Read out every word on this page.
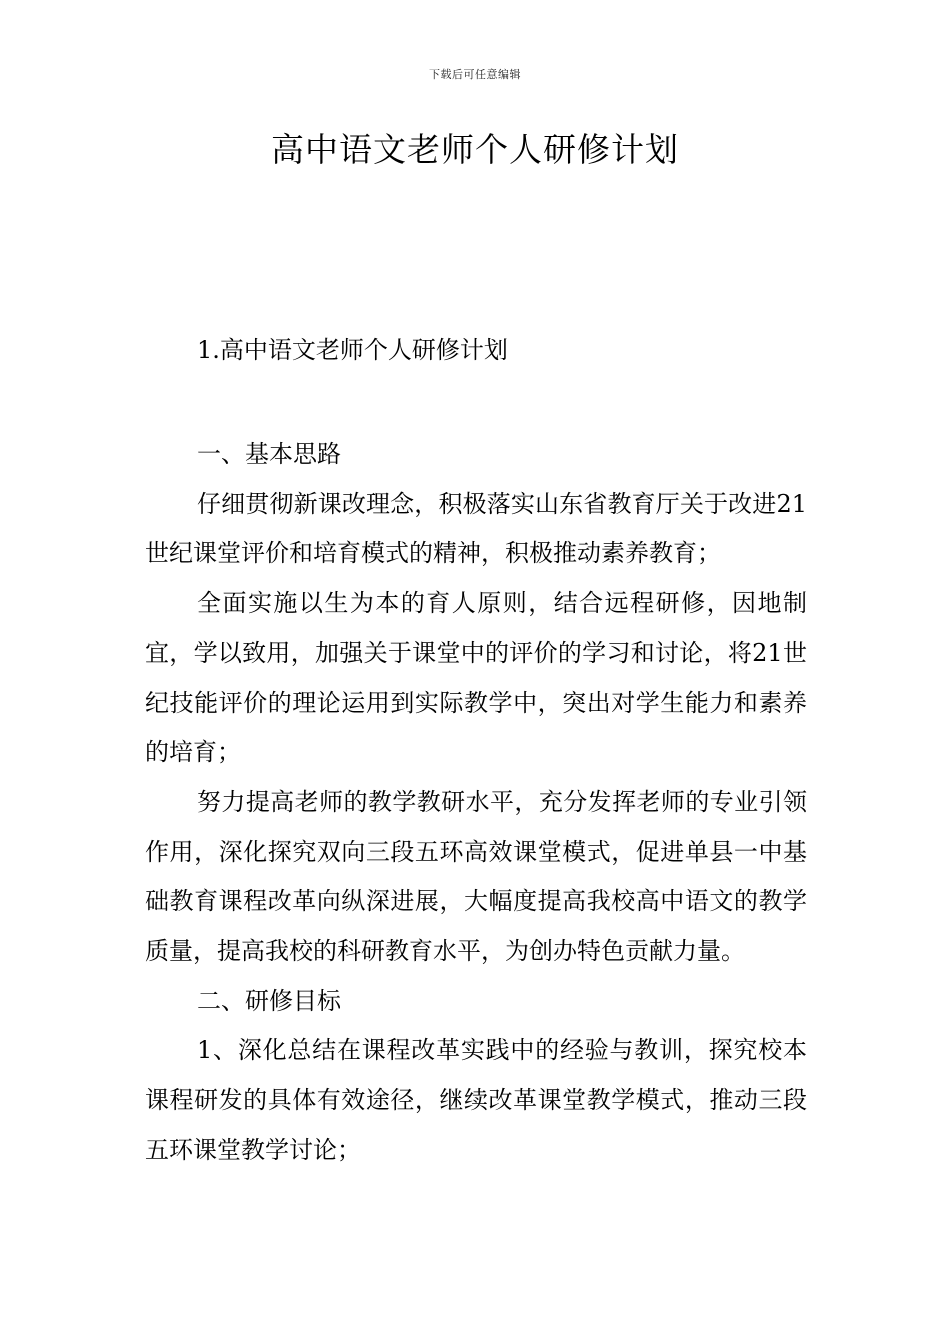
下载后可任意编辑
高中语文老师个人研修计划

1.高中语文老师个人研修计划

一、基本思路

仔细贯彻新课改理念，积极落实山东省教育厅关于改进21世纪课堂评价和培育模式的精神，积极推动素养教育；

全面实施以生为本的育人原则，结合远程研修，因地制宜，学以致用，加强关于课堂中的评价的学习和讨论，将21世纪技能评价的理论运用到实际教学中，突出对学生能力和素养的培育；

努力提高老师的教学教研水平，充分发挥老师的专业引领作用，深化探究双向三段五环高效课堂模式，促进单县一中基础教育课程改革向纵深进展，大幅度提高我校高中语文的教学质量，提高我校的科研教育水平，为创办特色贡献力量。

二、研修目标

1、深化总结在课程改革实践中的经验与教训，探究校本课程研发的具体有效途径，继续改革课堂教学模式，推动三段五环课堂教学讨论；
